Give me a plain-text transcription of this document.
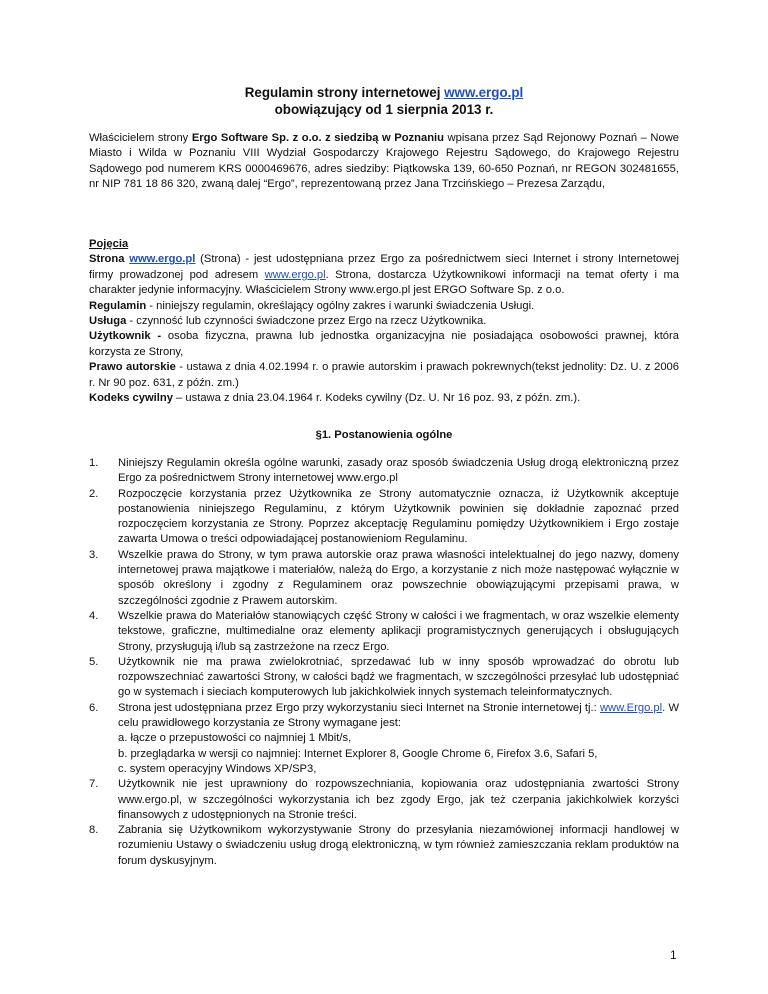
Regulamin strony internetowej www.ergo.pl
obowiązujący od 1 sierpnia 2013 r.

Właścicielem strony Ergo Software Sp. z o.o. z siedzibą w Poznaniu wpisana przez Sąd Rejonowy Poznań – Nowe Miasto i Wilda w Poznaniu VIII Wydział Gospodarczy Krajowego Rejestru Sądowego, do Krajowego Rejestru Sądowego pod numerem KRS 0000469676, adres siedziby: Piątkowska 139, 60-650 Poznań, nr REGON 302481655, nr NIP 781 18 86 320, zwaną dalej “Ergo”, reprezentowaną przez Jana Trzcińskiego – Prezesa Zarządu,

Pojęcia

Strona www.ergo.pl (Strona) - jest udostępniana przez Ergo za pośrednictwem sieci Internet i strony Internetowej firmy prowadzonej pod adresem www.ergo.pl. Strona, dostarcza Użytkownikowi informacji na temat oferty i ma charakter jedynie informacyjny. Właścicielem Strony www.ergo.pl jest ERGO Software Sp. z o.o.

Regulamin - niniejszy regulamin, określający ogólny zakres i warunki świadczenia Usługi.

Usługa - czynność lub czynności świadczone przez Ergo na rzecz Użytkownika.

Użytkownik - osoba fizyczna, prawna lub jednostka organizacyjna nie posiadająca osobowości prawnej, która korzysta ze Strony,

Prawo autorskie - ustawa z dnia 4.02.1994 r. o prawie autorskim i prawach pokrewnych(tekst jednolity: Dz. U. z 2006 r. Nr 90 poz. 631, z późn. zm.)

Kodeks cywilny – ustawa z dnia 23.04.1964 r. Kodeks cywilny (Dz. U. Nr 16 poz. 93, z późn. zm.).

§1. Postanowienia ogólne
1. Niniejszy Regulamin określa ogólne warunki, zasady oraz sposób świadczenia Usług drogą elektroniczną przez Ergo za pośrednictwem Strony internetowej www.ergo.pl
2. Rozpoczęcie korzystania przez Użytkownika ze Strony automatycznie oznacza, iż Użytkownik akceptuje postanowienia niniejszego Regulaminu, z którym Użytkownik powinien się dokładnie zapoznać przed rozpoczęciem korzystania ze Strony. Poprzez akceptację Regulaminu pomiędzy Użytkownikiem i Ergo zostaje zawarta Umowa o treści odpowiadającej postanowieniom Regulaminu.
3. Wszelkie prawa do Strony, w tym prawa autorskie oraz prawa własności intelektualnej do jego nazwy, domeny internetowej prawa majątkowe i materiałów, należą do Ergo, a korzystanie z nich może następować wyłącznie w sposób określony i zgodny z Regulaminem oraz powszechnie obowiązującymi przepisami prawa, w szczególności zgodnie z Prawem autorskim.
4. Wszelkie prawa do Materiałów stanowiących część Strony w całości i we fragmentach, w oraz wszelkie elementy tekstowe, graficzne, multimedialne oraz elementy aplikacji programistycznych generujących i obsługujących Strony, przysługują i/lub są zastrzeżone na rzecz Ergo.
5. Użytkownik nie ma prawa zwielokrotniać, sprzedawać lub w inny sposób wprowadzać do obrotu lub rozpowszechniać zawartości Strony, w całości bądź we fragmentach, w szczególności przesyłać lub udostępniać go w systemach i sieciach komputerowych lub jakichkolwiek innych systemach teleinformatycznych.
6. Strona jest udostępniana przez Ergo przy wykorzystaniu sieci Internet na Stronie internetowej tj.: www.Ergo.pl. W celu prawidłowego korzystania ze Strony wymagane jest:
a. łącze o przepustowości co najmniej 1 Mbit/s,
b. przeglądarka w wersji co najmniej: Internet Explorer 8, Google Chrome 6, Firefox 3.6, Safari 5,
c. system operacyjny Windows XP/SP3,
7. Użytkownik nie jest uprawniony do rozpowszechniania, kopiowania oraz udostępniania zwartości Strony www.ergo.pl, w szczególności wykorzystania ich bez zgody Ergo, jak też czerpania jakichkolwiek korzyści finansowych z udostępnionych na Stronie treści.
8. Zabrania się Użytkownikom wykorzystywanie Strony do przesyłania niezamówionej informacji handlowej w rozumieniu Ustawy o świadczeniu usług drogą elektroniczną, w tym również zamieszczania reklam produktów na forum dyskusyjnym.
1
